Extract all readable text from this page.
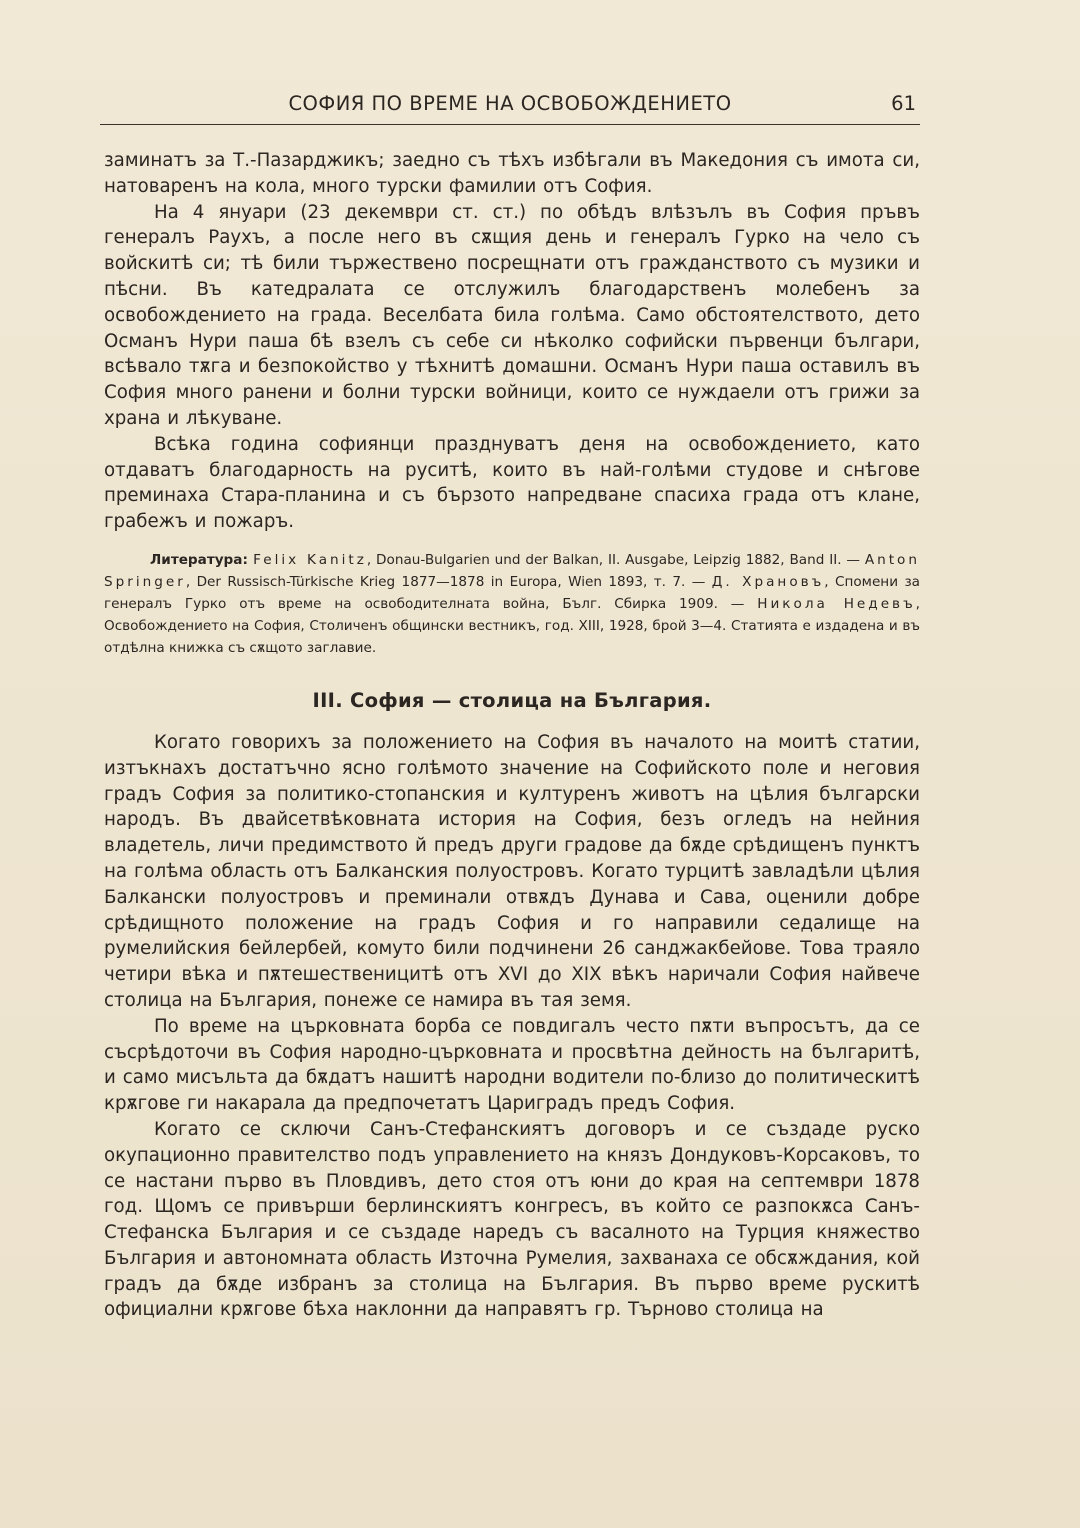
СОФИЯ ПО ВРЕМЕ НА ОСВОБОЖДЕНИЕТО	61

заминатъ за Т.-Пазарджикъ; заедно съ тѣхъ избѣгали въ Македония съ имота си, натоваренъ на кола, много турски фамилии отъ София.

На 4 януари (23 декември ст. ст.) по обѣдъ влѣзълъ въ София пръвъ генералъ Раухъ, а после него въ сѫщия день и генералъ Гурко на чело съ войскитѣ си; тѣ били тържествено посрещнати отъ гражданството съ музики и пѣсни. Въ катедралата се отслужилъ благодарственъ молебенъ за освобождението на града. Веселбата била голѣма. Само обстоятелството, дето Османъ Нури паша бѣ взелъ съ себе си нѣколко софийски първенци българи, всѣвало тѫга и безпокойство у тѣхнитѣ домашни. Османъ Нури паша оставилъ въ София много ранени и болни турски войници, които се нуждаели отъ грижи за храна и лѣкуване.

Всѣка година софиянци празднуватъ деня на освобождението, като отдаватъ благодарность на руситѣ, които въ най-голѣми студове и снѣгове преминаха Стара-планина и съ бързото напредване спасиха града отъ клане, грабежъ и пожаръ.

Литература: Felix Kanitz, Donau-Bulgarien und der Balkan, II. Ausgabe, Leipzig 1882, Band II. — Anton Springer, Der Russisch-Türkische Krieg 1877—1878 in Europa, Wien 1893, т. 7. — Д. Храновъ, Спомени за генералъ Гурко отъ време на освободителната война, Бълг. Сбирка 1909. — Никола Недевъ, Освобождението на София, Столиченъ общински вестникъ, год. XIII, 1928, брой 3—4. Статията е издадена и въ отдѣлна книжка съ сѫщото заглавие.
III. София — столица на България.

Когато говорихъ за положението на София въ началото на моитѣ статии, изтъкнахъ достатъчно ясно голѣмото значение на Софийското поле и неговия градъ София за политико-стопанския и културенъ животъ на цѣлия български народъ. Въ двайсетвѣковната история на София, безъ огледъ на нейния владетель, личи предимството й предъ други градове да бѫде срѣдищенъ пунктъ на голѣма область отъ Балканския полуостровъ. Когато турцитѣ завладѣли цѣлия Балкански полуостровъ и преминали отвѫдъ Дунава и Сава, оценили добре срѣдищното положение на градъ София и го направили седалище на румелийския бейлербей, комуто били подчинени 26 санджакбейове. Това траяло четири вѣка и пѫтешественицитѣ отъ XVI до XIX вѣкъ наричали София найвече столица на България, понеже се намира въ тая земя.

По време на църковната борба се повдигалъ често пѫти въпросътъ, да се съсрѣдоточи въ София народно-църковната и просвѣтна дейность на българитѣ, и само мисъльта да бѫдатъ нашитѣ народни водители по-близо до политическитѣ крѫгове ги накарала да предпочетатъ Цариградъ предъ София.

Когато се сключи Санъ-Стефанскиятъ договоръ и се създаде руско окупационно правителство подъ управлението на князъ Дондуковъ-Корсаковъ, то се настани първо въ Пловдивъ, дето стоя отъ юни до края на септември 1878 год. Щомъ се привърши берлинскиятъ конгресъ, въ който се разпокѫса Санъ-Стефанска България и се създаде наредъ съ васалното на Турция княжество България и автономната область Източна Румелия, захванаха се обсѫждания, кой градъ да бѫде избранъ за столица на България. Въ първо време рускитѣ официални крѫгове бѣха наклонни да направятъ гр. Търново столица на
